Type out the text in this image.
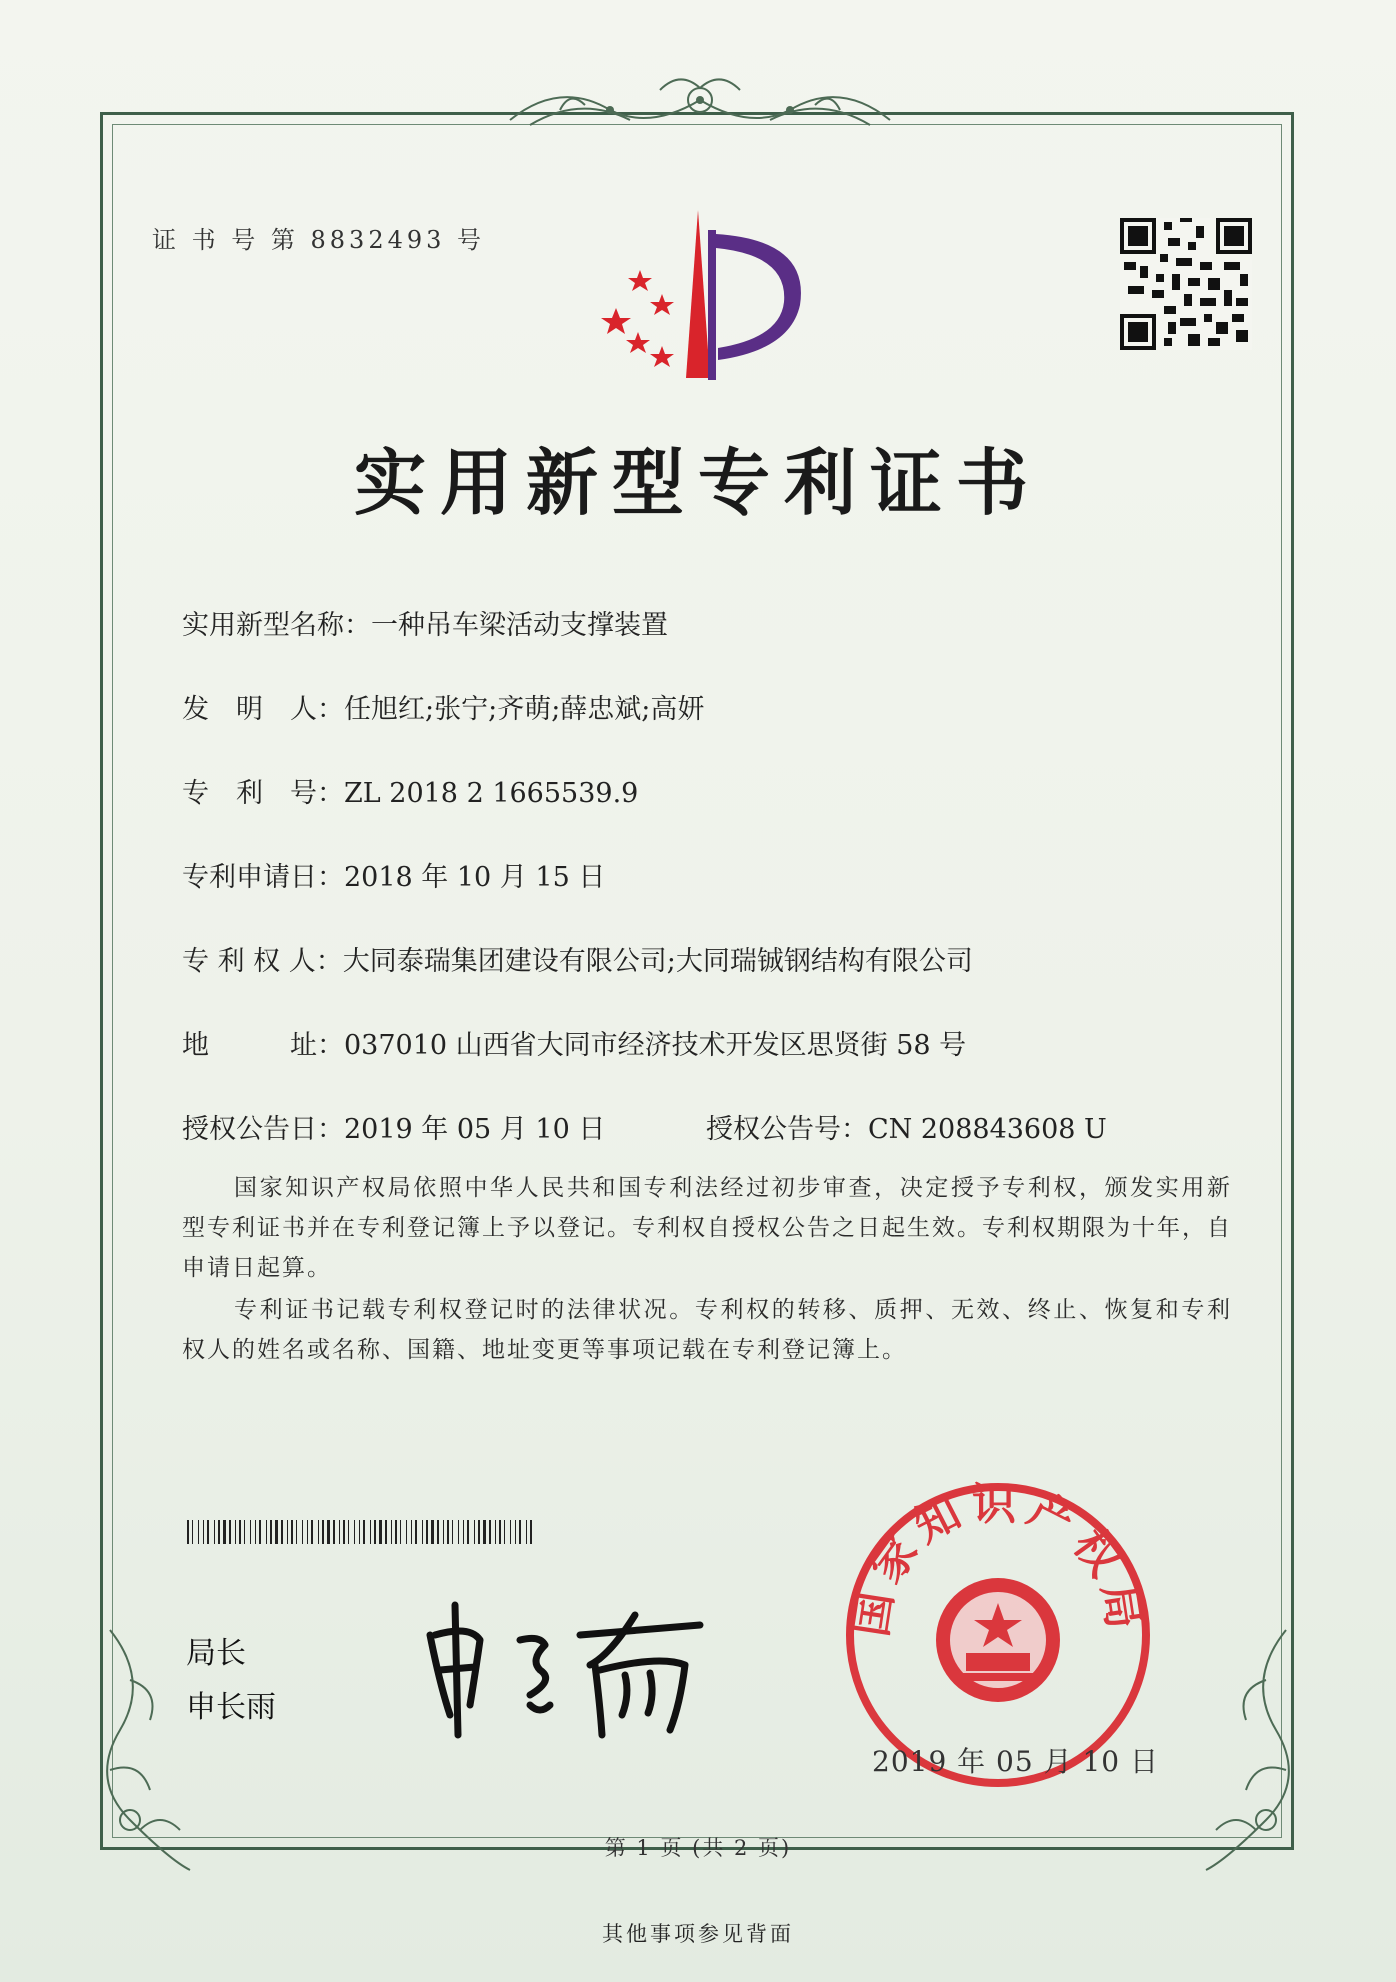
证 书 号 第 8832493 号
实用新型专利证书
实用新型名称：一种吊车梁活动支撑装置
发　明　人：任旭红;张宁;齐萌;薛忠斌;高妍
专　利　号：ZL 2018 2 1665539.9
专利申请日：2018 年 10 月 15 日
专 利 权 人：大同泰瑞集团建设有限公司;大同瑞铖钢结构有限公司
地　　　址：037010 山西省大同市经济技术开发区思贤街 58 号
授权公告日：2019 年 05 月 10 日	授权公告号：CN 208843608 U
国家知识产权局依照中华人民共和国专利法经过初步审查，决定授予专利权，颁发实用新型专利证书并在专利登记簿上予以登记。专利权自授权公告之日起生效。专利权期限为十年，自申请日起算。
专利证书记载专利权登记时的法律状况。专利权的转移、质押、无效、终止、恢复和专利权人的姓名或名称、国籍、地址变更等事项记载在专利登记簿上。
局长
申长雨
国家知识产权局
2019 年 05 月 10 日
第 1 页 (共 2 页)
其他事项参见背面
